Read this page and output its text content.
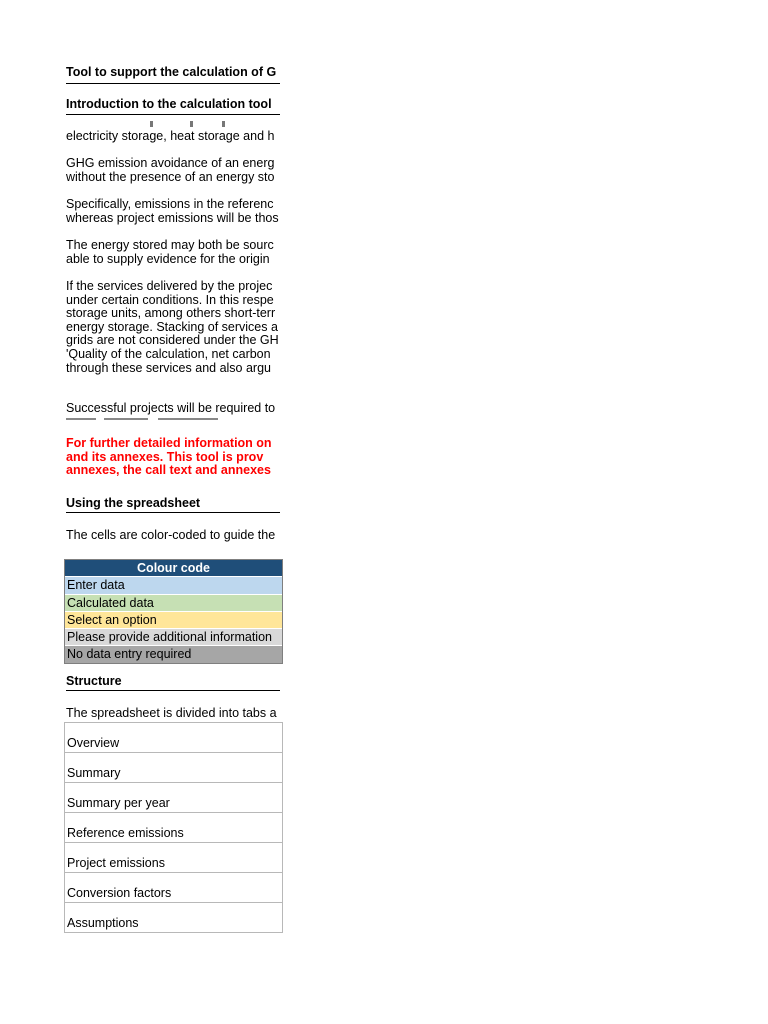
Tool to support the calculation of G
Introduction to the calculation tool
electricity storage, heat storage and h
GHG emission avoidance of an energ
without the presence of an energy sto
Specifically, emissions in the referenc
whereas project emissions will be thos
The energy stored may both be sourc
able to supply evidence for the origin
If the services delivered by the projec
under certain conditions. In this respe
storage units, among others short-terr
energy storage. Stacking of services a
grids are not considered under the GH
'Quality of the calculation, net carbon
through these services and also argu
Successful projects will be required to
For further detailed information on
and its annexes. This tool is prov
annexes, the call text and annexes
Using the spreadsheet
The cells are color-coded to guide the
Colour code
Enter data
Calculated data
Select an option
Please provide additional information
No data entry required
Structure
The spreadsheet is divided into tabs a
Overview
Summary
Summary per year
Reference emissions
Project emissions
Conversion factors
Assumptions
